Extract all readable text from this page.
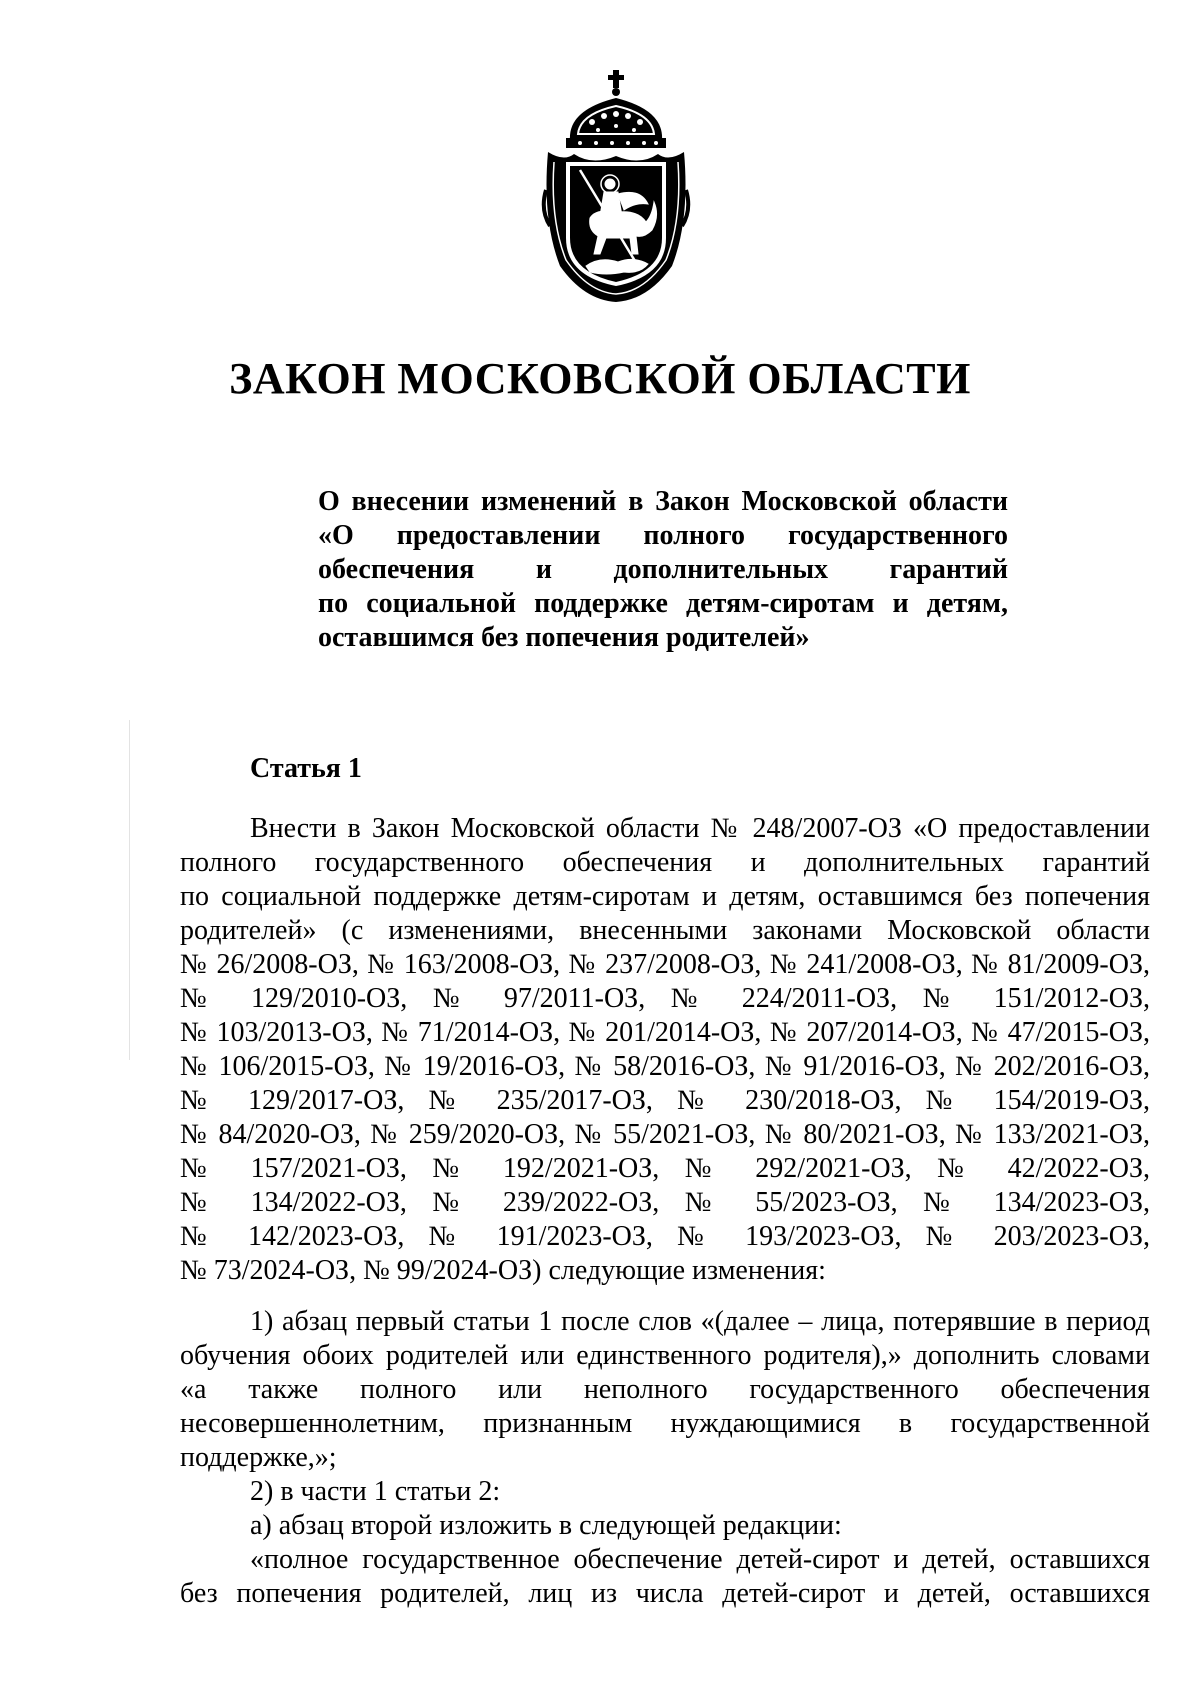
ЗАКОН МОСКОВСКОЙ ОБЛАСТИ
О внесении изменений в Закон Московской области
«О предоставлении полного государственного
обеспечения и дополнительных гарантий
по социальной поддержке детям-сиротам и детям,
оставшимся без попечения родителей»
Статья 1
Внести в Закон Московской области № 248/2007-ОЗ «О предоставлении
полного государственного обеспечения и дополнительных гарантий
по социальной поддержке детям-сиротам и детям, оставшимся без попечения
родителей» (с изменениями, внесенными законами Московской области
№ 26/2008-ОЗ, № 163/2008-ОЗ, № 237/2008-ОЗ, № 241/2008-ОЗ, № 81/2009-ОЗ,
№ 129/2010-ОЗ, № 97/2011-ОЗ, № 224/2011-ОЗ, № 151/2012-ОЗ,
№ 103/2013-ОЗ, № 71/2014-ОЗ, № 201/2014-ОЗ, № 207/2014-ОЗ, № 47/2015-ОЗ,
№ 106/2015-ОЗ, № 19/2016-ОЗ, № 58/2016-ОЗ, № 91/2016-ОЗ, № 202/2016-ОЗ,
№ 129/2017-ОЗ, № 235/2017-ОЗ, № 230/2018-ОЗ, № 154/2019-ОЗ,
№ 84/2020-ОЗ, № 259/2020-ОЗ, № 55/2021-ОЗ, № 80/2021-ОЗ, № 133/2021-ОЗ,
№ 157/2021-ОЗ, № 192/2021-ОЗ, № 292/2021-ОЗ, № 42/2022-ОЗ,
№ 134/2022-ОЗ, № 239/2022-ОЗ, № 55/2023-ОЗ, № 134/2023-ОЗ,
№ 142/2023-ОЗ, № 191/2023-ОЗ, № 193/2023-ОЗ, № 203/2023-ОЗ,
№ 73/2024-ОЗ, № 99/2024-ОЗ) следующие изменения:
1) абзац первый статьи 1 после слов «(далее – лица, потерявшие в период
обучения обоих родителей или единственного родителя),» дополнить словами
«а также полного или неполного государственного обеспечения
несовершеннолетним, признанным нуждающимися в государственной
поддержке,»;
2) в части 1 статьи 2:
а) абзац второй изложить в следующей редакции:
«полное государственное обеспечение детей-сирот и детей, оставшихся
без попечения родителей, лиц из числа детей-сирот и детей, оставшихся
